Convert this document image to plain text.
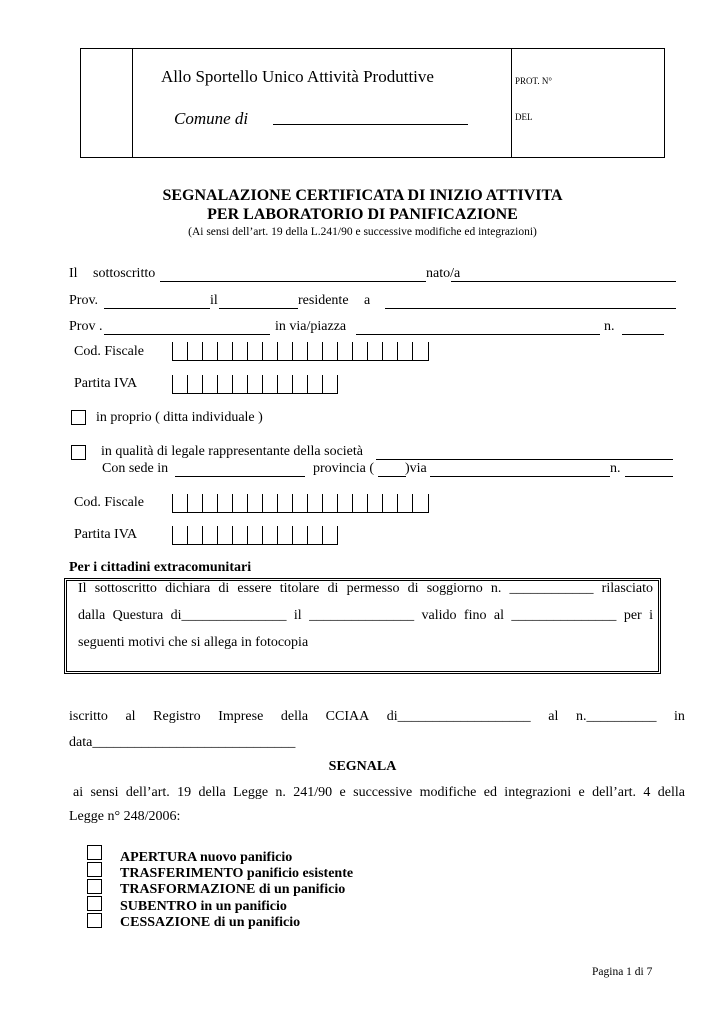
Allo Sportello Unico Attività Produttive
Comune di
PROT. N°
DEL
SEGNALAZIONE CERTIFICATA DI INIZIO ATTIVITA
PER LABORATORIO DI PANIFICAZIONE
(Ai sensi dell’art. 19 della L.241/90 e successive modifiche ed integrazioni)
Il sottoscritto	nato/a
Prov.	il	residente a
Prov .	in via/piazza	n.
Cod. Fiscale
Partita IVA
in proprio ( ditta individuale )
in qualità di legale rappresentante della società
Con sede in	provincia ( )via	n.
Cod. Fiscale
Partita IVA
Per i cittadini extracomunitari
Il sottoscritto dichiara di essere titolare di permesso di soggiorno n. ____________ rilasciato
dalla Questura di_______________ il _______________ valido fino al _______________ per i
seguenti motivi che si allega in fotocopia
iscritto al Registro Imprese della CCIAA di___________________ al n.__________ in
data_____________________________
SEGNALA
ai sensi dell’art. 19 della Legge n. 241/90 e successive modifiche ed integrazioni e dell’art. 4 della
Legge n° 248/2006:
APERTURA nuovo panificio
TRASFERIMENTO panificio esistente
TRASFORMAZIONE di un panificio
SUBENTRO in un panificio
CESSAZIONE di un panificio
Pagina 1 di 7
